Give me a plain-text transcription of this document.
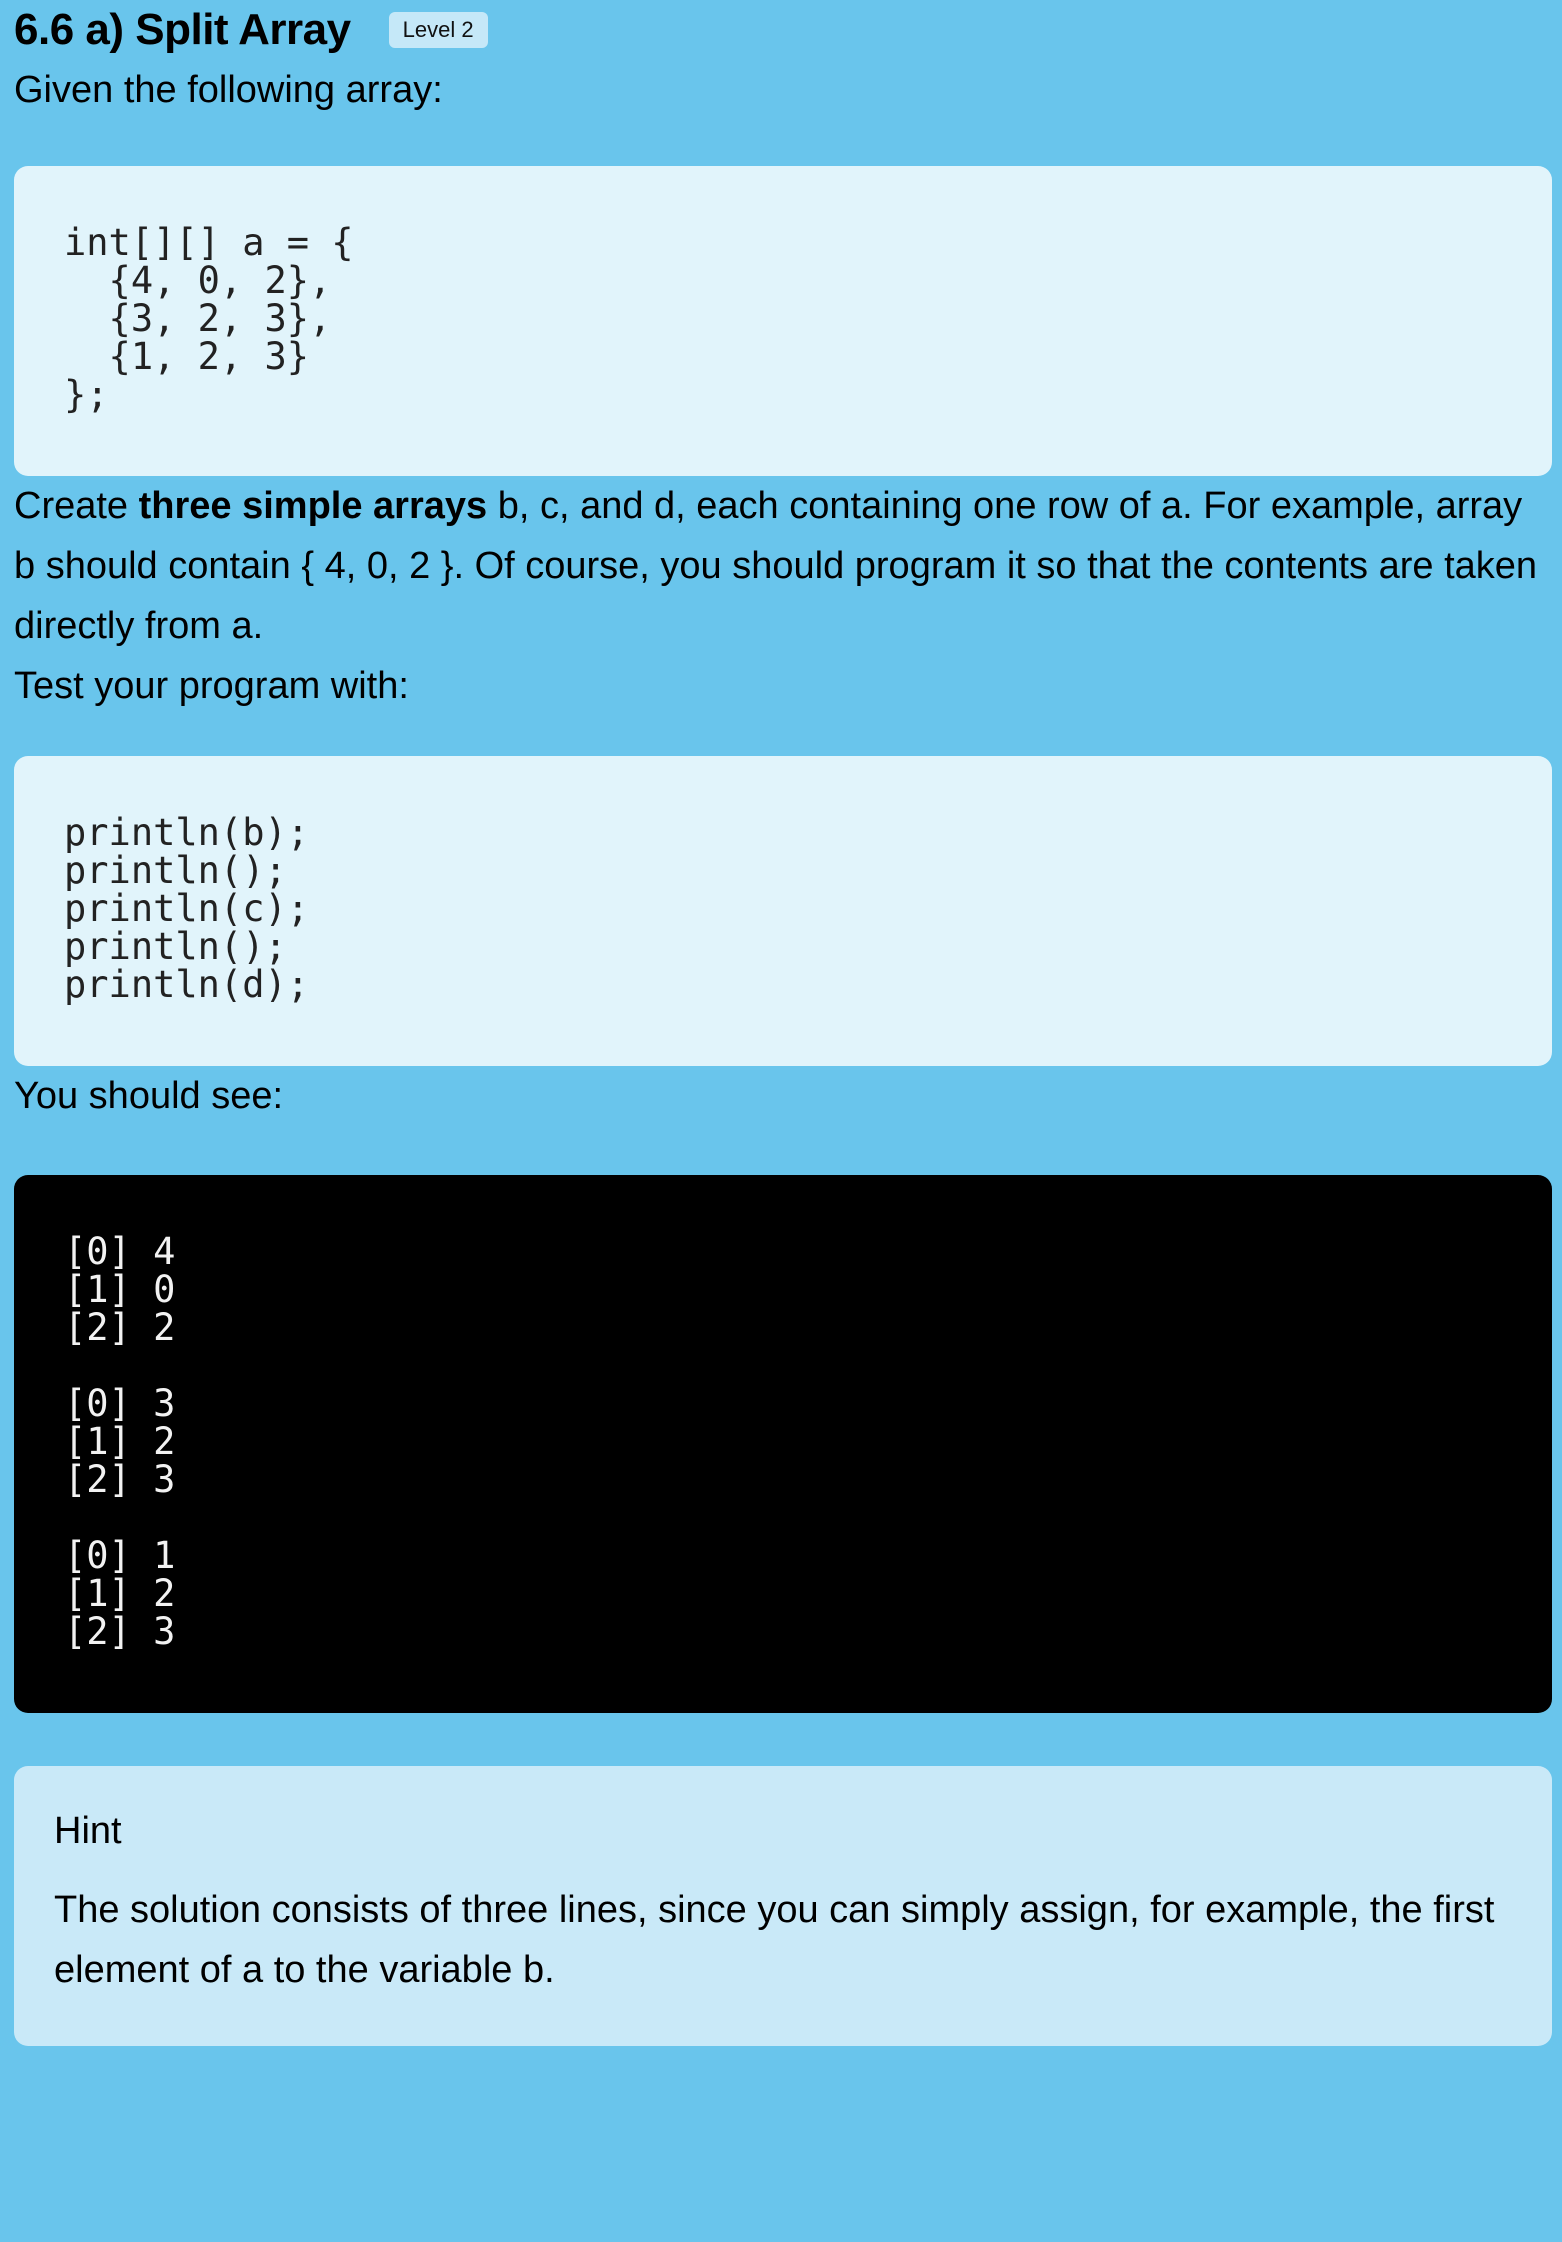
6.6 a) Split Array	Level 2

Given the following array:

int[][] a = {
{4, 0, 2},
{3, 2, 3},
{1, 2, 3}
};

Create three simple arrays b, c, and d, each containing one row of a. For example, array b should contain { 4, 0, 2 }. Of course, you should program it so that the contents are taken directly from a.

Test your program with:

println(b);
println();
println(c);
println();
println(d);

You should see:

[0] 4
[1] 0
[2] 2

[0] 3
[1] 2
[2] 3

[0] 1
[1] 2
[2] 3

Hint

The solution consists of three lines, since you can simply assign, for example, the first element of a to the variable b.
